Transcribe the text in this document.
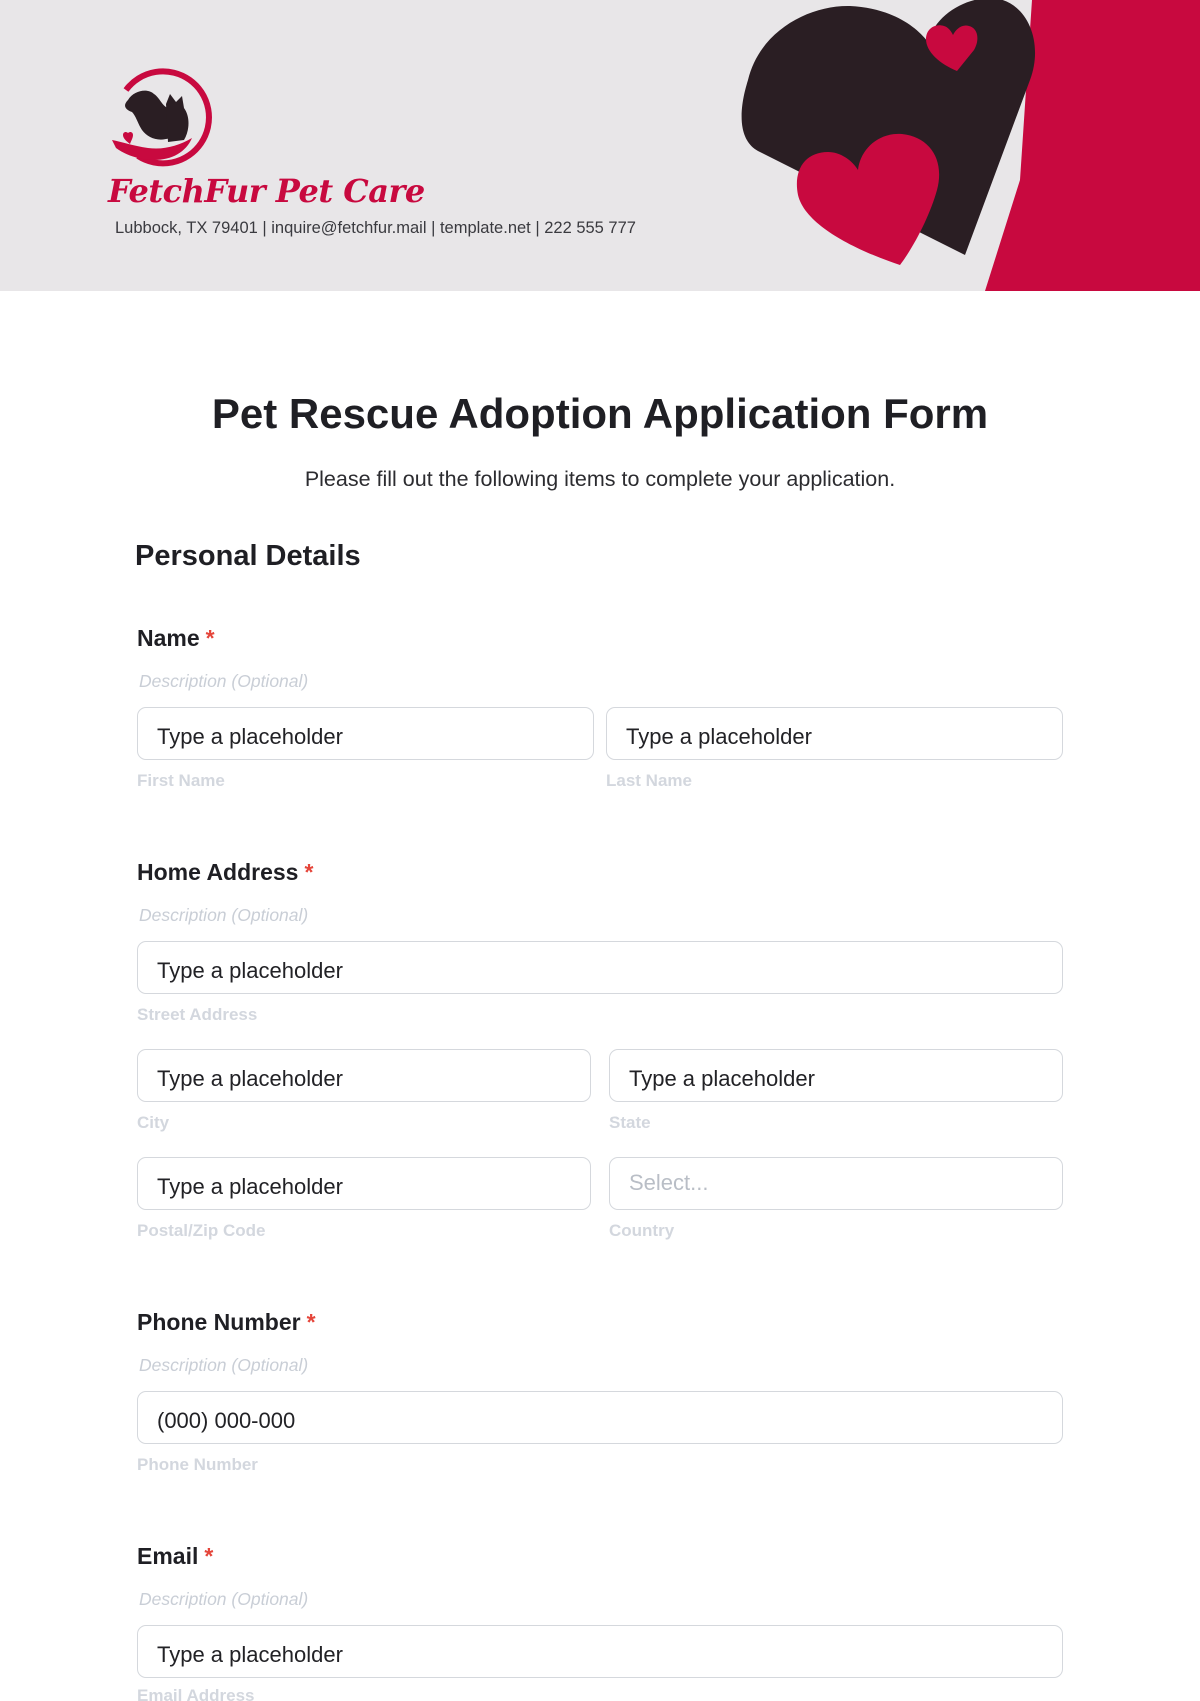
FetchFur Pet Care
Lubbock, TX 79401 | inquire@fetchfur.mail | template.net | 222 555 777
Pet Rescue Adoption Application Form
Please fill out the following items to complete your application.
Personal Details
Name *
Description (Optional)
Type a placeholder	Type a placeholder
First Name	Last Name
Home Address *
Description (Optional)
Type a placeholder
Street Address
Type a placeholder	Type a placeholder
City	State
Type a placeholder	Select...
Postal/Zip Code	Country
Phone Number *
Description (Optional)
(000) 000-000
Phone Number
Email *
Description (Optional)
Type a placeholder
Email Address
